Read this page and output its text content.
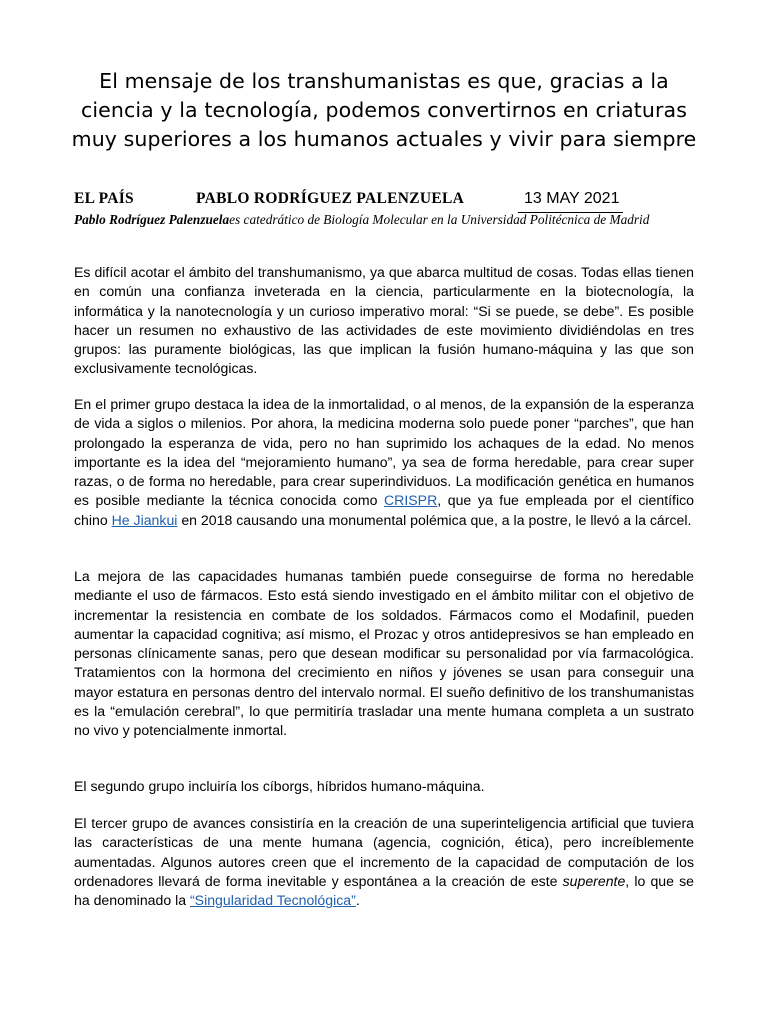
El mensaje de los transhumanistas es que, gracias a la ciencia y la tecnología, podemos convertirnos en criaturas muy superiores a los humanos actuales y vivir para siempre
EL PAÍS	PABLO RODRÍGUEZ PALENZUELA	13 MAY 2021

Pablo Rodríguez Palenzuelaes catedrático de Biología Molecular en la Universidad Politécnica de Madrid

Es difícil acotar el ámbito del transhumanismo, ya que abarca multitud de cosas. Todas ellas tienen en común una confianza inveterada en la ciencia, particularmente en la biotecnología, la informática y la nanotecnología y un curioso imperativo moral: “Si se puede, se debe”. Es posible hacer un resumen no exhaustivo de las actividades de este movimiento dividiéndolas en tres grupos: las puramente biológicas, las que implican la fusión humano-máquina y las que son exclusivamente tecnológicas.

En el primer grupo destaca la idea de la inmortalidad, o al menos, de la expansión de la esperanza de vida a siglos o milenios. Por ahora, la medicina moderna solo puede poner “parches”, que han prolongado la esperanza de vida, pero no han suprimido los achaques de la edad. No menos importante es la idea del “mejoramiento humano”, ya sea de forma heredable, para crear super razas, o de forma no heredable, para crear superindividuos. La modificación genética en humanos es posible mediante la técnica conocida como CRISPR, que ya fue empleada por el científico chino He Jiankui en 2018 causando una monumental polémica que, a la postre, le llevó a la cárcel.

La mejora de las capacidades humanas también puede conseguirse de forma no heredable mediante el uso de fármacos. Esto está siendo investigado en el ámbito militar con el objetivo de incrementar la resistencia en combate de los soldados. Fármacos como el Modafinil, pueden aumentar la capacidad cognitiva; así mismo, el Prozac y otros antidepresivos se han empleado en personas clínicamente sanas, pero que desean modificar su personalidad por vía farmacológica. Tratamientos con la hormona del crecimiento en niños y jóvenes se usan para conseguir una mayor estatura en personas dentro del intervalo normal. El sueño definitivo de los transhumanistas es la “emulación cerebral”, lo que permitiría trasladar una mente humana completa a un sustrato no vivo y potencialmente inmortal.

El segundo grupo incluiría los cíborgs, híbridos humano-máquina.

El tercer grupo de avances consistiría en la creación de una superinteligencia artificial que tuviera las características de una mente humana (agencia, cognición, ética), pero increíblemente aumentadas. Algunos autores creen que el incremento de la capacidad de computación de los ordenadores llevará de forma inevitable y espontánea a la creación de este superente, lo que se ha denominado la “Singularidad Tecnológica”.
